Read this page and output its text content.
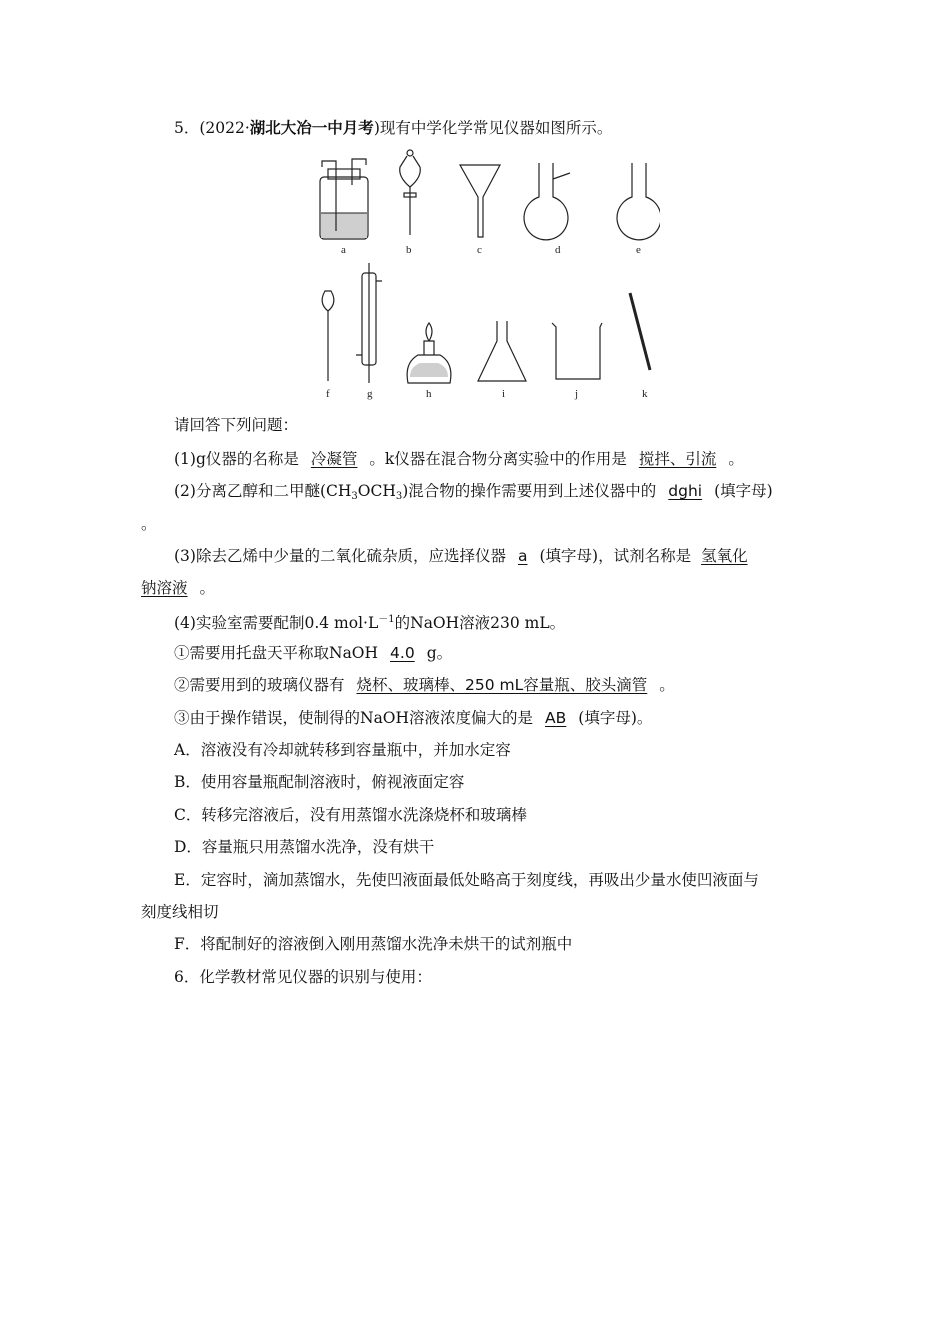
5．(2022·湖北大冶一中月考)现有中学化学常见仪器如图所示。
a	b	c	d	e
f	g	h	i	j	k
请回答下列问题：
(1)g仪器的名称是 冷凝管 。k仪器在混合物分离实验中的作用是 搅拌、引流 。
(2)分离乙醇和二甲醚$(CH_3OCH_3)$混合物的操作需要用到上述仪器中的 dghi (填字母)
。
(3)除去乙烯中少量的二氧化硫杂质，应选择仪器 a (填字母)，试剂名称是 氢氧化
钠溶液 。
(4)实验室需要配制0.4 $mol\cdot L^{-1}$的NaOH溶液230 mL。
①需要用托盘天平称取NaOH 4.0 g。
②需要用到的玻璃仪器有 烧杯、玻璃棒、250 mL容量瓶、胶头滴管 。
③由于操作错误，使制得的NaOH溶液浓度偏大的是 AB (填字母)。
A．溶液没有冷却就转移到容量瓶中，并加水定容
B．使用容量瓶配制溶液时，俯视液面定容
C．转移完溶液后，没有用蒸馏水洗涤烧杯和玻璃棒
D．容量瓶只用蒸馏水洗净，没有烘干
E．定容时，滴加蒸馏水，先使凹液面最低处略高于刻度线，再吸出少量水使凹液面与
刻度线相切
F．将配制好的溶液倒入刚用蒸馏水洗净未烘干的试剂瓶中
6．化学教材常见仪器的识别与使用：
